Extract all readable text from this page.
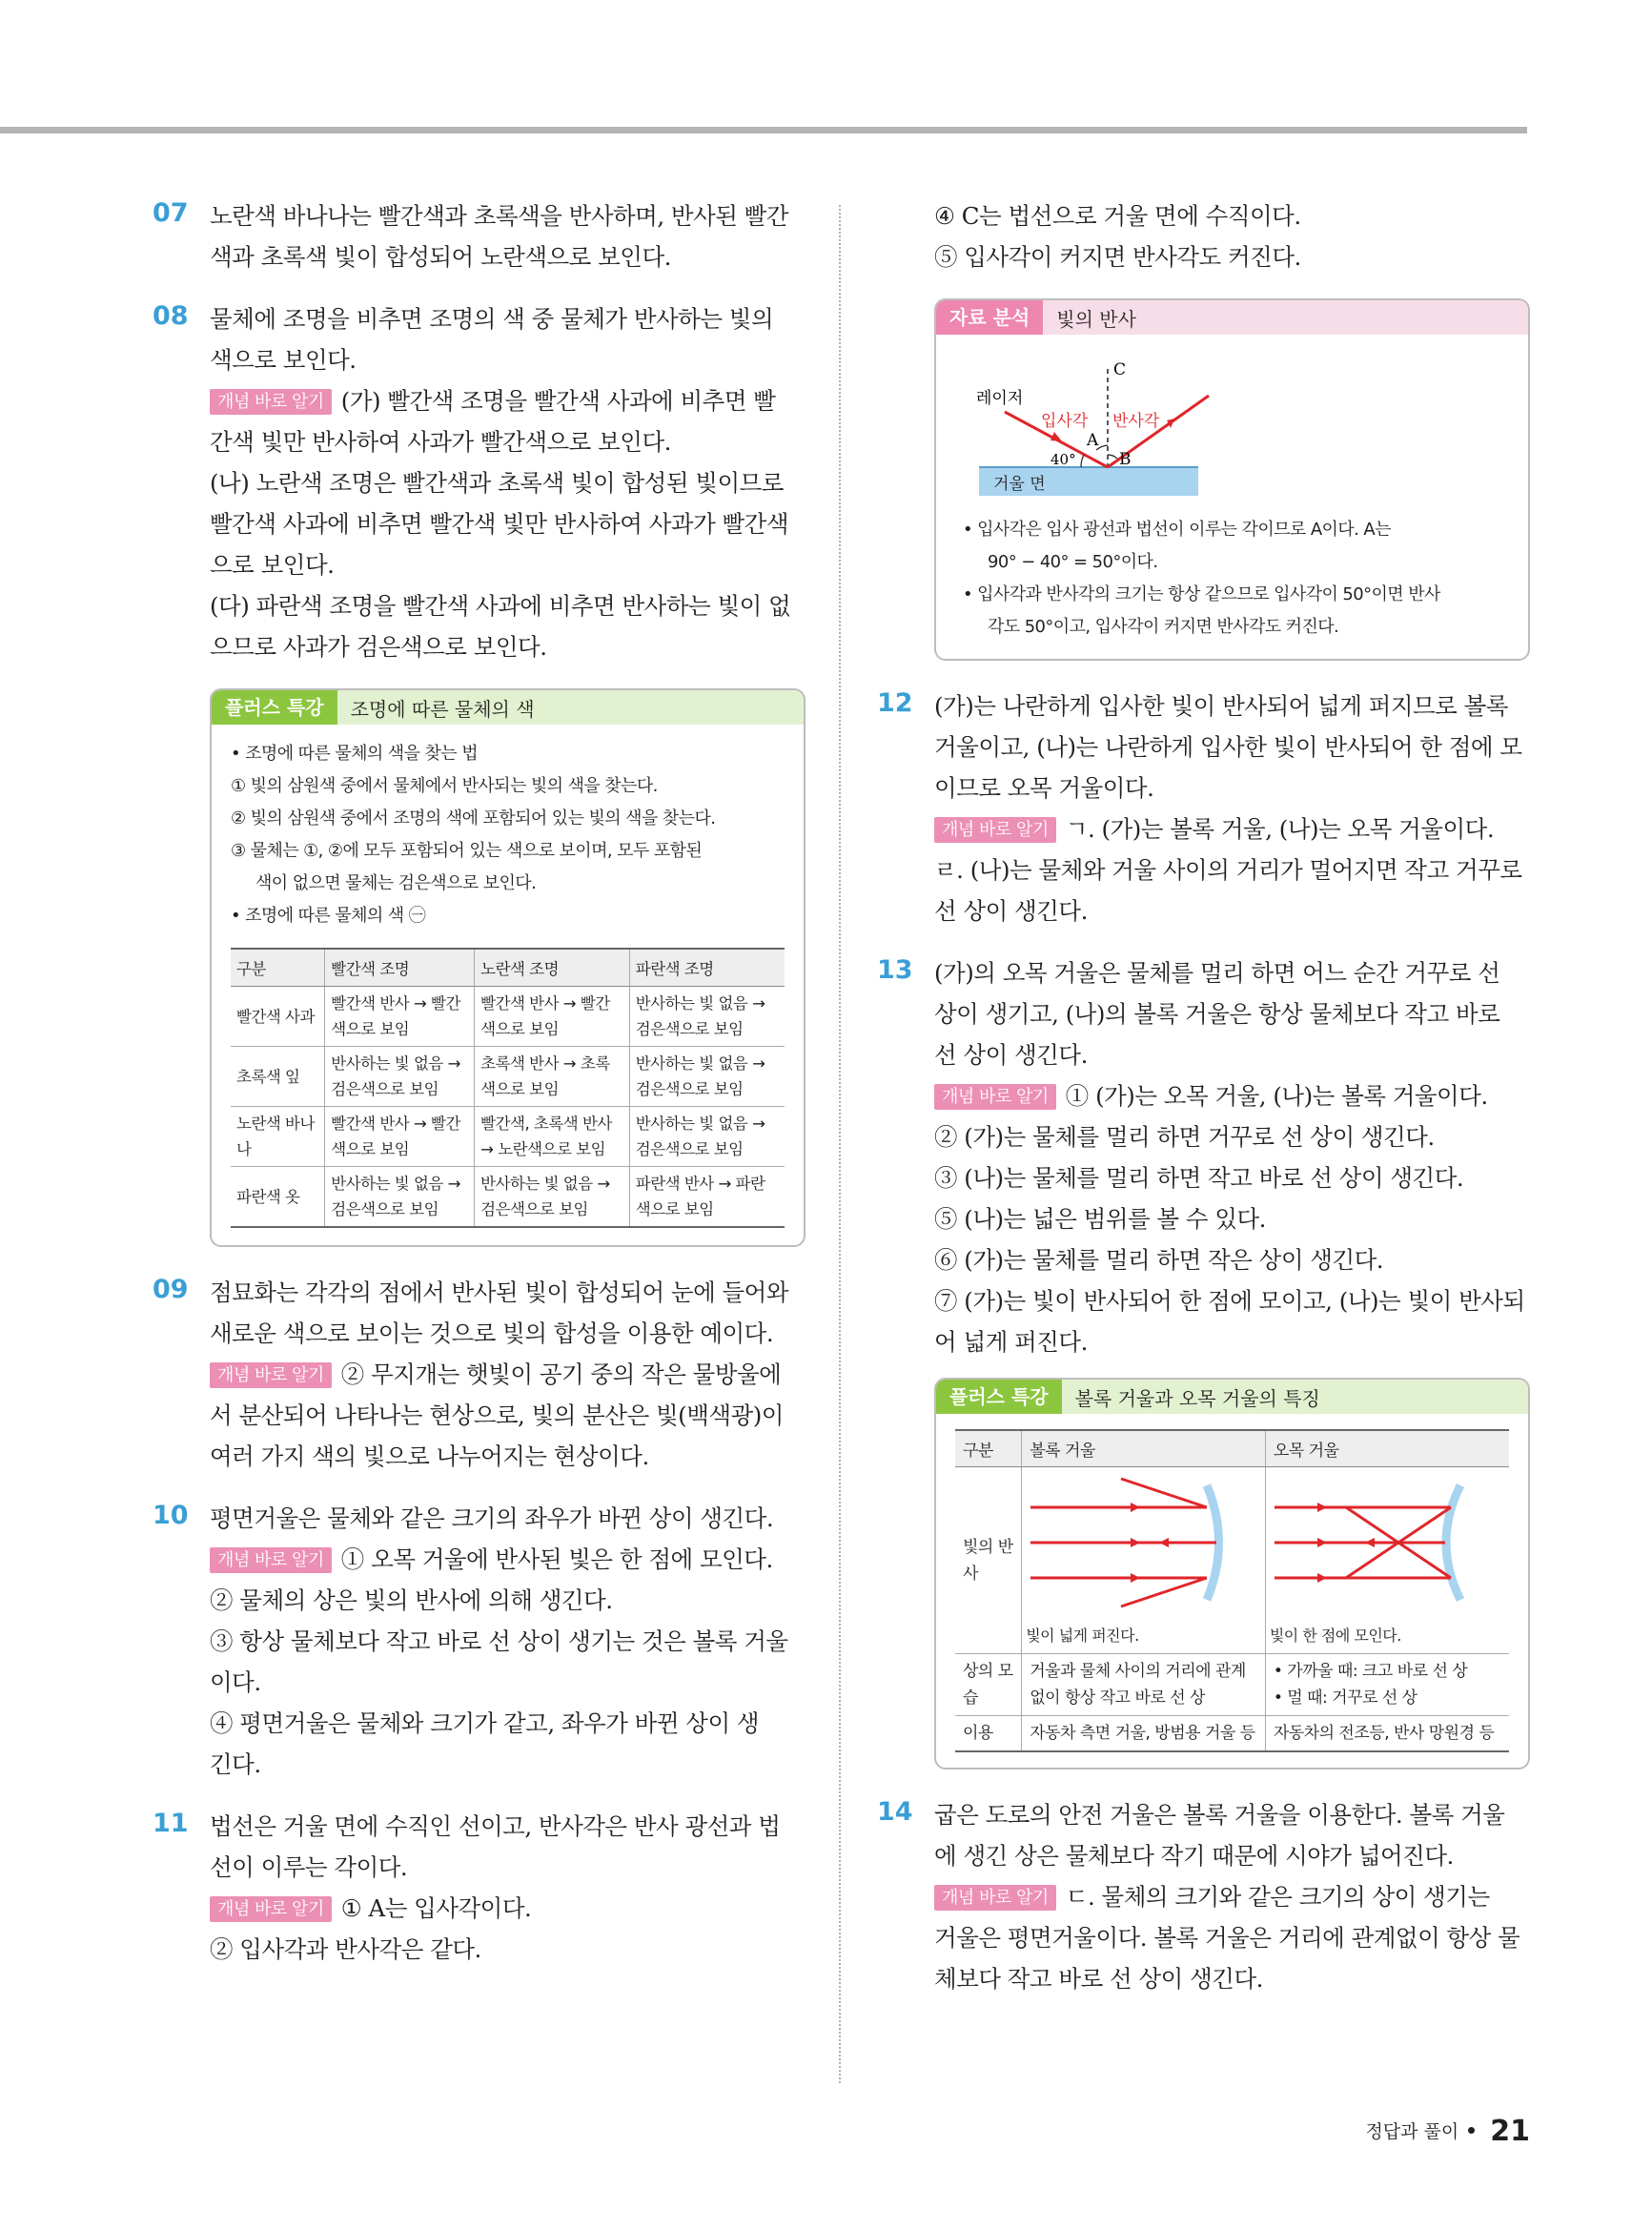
07 노란색 바나나는 빨간색과 초록색을 반사하며, 반사된 빨간

색과 초록색 빛이 합성되어 노란색으로 보인다.

08 물체에 조명을 비추면 조명의 색 중 물체가 반사하는 빛의

색으로 보인다.

개념 바로 알기 (가) 빨간색 조명을 빨간색 사과에 비추면 빨

간색 빛만 반사하여 사과가 빨간색으로 보인다.

(나) 노란색 조명은 빨간색과 초록색 빛이 합성된 빛이므로

빨간색 사과에 비추면 빨간색 빛만 반사하여 사과가 빨간색

으로 보인다.

(다) 파란색 조명을 빨간색 사과에 비추면 반사하는 빛이 없

으므로 사과가 검은색으로 보인다.

플러스 특강	조명에 따른 물체의 색
• 조명에 따른 물체의 색을 찾는 법
① 빛의 삼원색 중에서 물체에서 반사되는 빛의 색을 찾는다.
② 빛의 삼원색 중에서 조명의 색에 포함되어 있는 빛의 색을 찾는다.
③ 물체는 ①, ②에 모두 포함되어 있는 색으로 보이며, 모두 포함된
색이 없으면 물체는 검은색으로 보인다.
• 조명에 따른 물체의 색 ㊀
구분	빨간색 조명	노란색 조명	파란색 조명
빨간색 사과	빨간색 반사 → 빨간색으로 보임	빨간색 반사 → 빨간색으로 보임	반사하는 빛 없음 → 검은색으로 보임
초록색 잎	반사하는 빛 없음 → 검은색으로 보임	초록색 반사 → 초록색으로 보임	반사하는 빛 없음 → 검은색으로 보임
노란색 바나나	빨간색 반사 → 빨간색으로 보임	빨간색, 초록색 반사 → 노란색으로 보임	반사하는 빛 없음 → 검은색으로 보임
파란색 옷	반사하는 빛 없음 → 검은색으로 보임	반사하는 빛 없음 → 검은색으로 보임	파란색 반사 → 파란색으로 보임
09 점묘화는 각각의 점에서 반사된 빛이 합성되어 눈에 들어와

새로운 색으로 보이는 것으로 빛의 합성을 이용한 예이다.

개념 바로 알기 ② 무지개는 햇빛이 공기 중의 작은 물방울에

서 분산되어 나타나는 현상으로, 빛의 분산은 빛(백색광)이

여러 가지 색의 빛으로 나누어지는 현상이다.

10 평면거울은 물체와 같은 크기의 좌우가 바뀐 상이 생긴다.

개념 바로 알기 ① 오목 거울에 반사된 빛은 한 점에 모인다.

② 물체의 상은 빛의 반사에 의해 생긴다.

③ 항상 물체보다 작고 바로 선 상이 생기는 것은 볼록 거울

이다.

④ 평면거울은 물체와 크기가 같고, 좌우가 바뀐 상이 생

긴다.

11 법선은 거울 면에 수직인 선이고, 반사각은 반사 광선과 법

선이 이루는 각이다.

개념 바로 알기 ① A는 입사각이다.

② 입사각과 반사각은 같다.

④ C는 법선으로 거울 면에 수직이다.

⑤ 입사각이 커지면 반사각도 커진다.

자료 분석	빛의 반사
거울 면
C
레이저
입사각 반사각
A
B
40°
• 입사각은 입사 광선과 법선이 이루는 각이므로 A이다. A는
90° − 40° = 50°이다.
• 입사각과 반사각의 크기는 항상 같으므로 입사각이 50°이면 반사
각도 50°이고, 입사각이 커지면 반사각도 커진다.
12 (가)는 나란하게 입사한 빛이 반사되어 넓게 퍼지므로 볼록

거울이고, (나)는 나란하게 입사한 빛이 반사되어 한 점에 모

이므로 오목 거울이다.

개념 바로 알기 ㄱ. (가)는 볼록 거울, (나)는 오목 거울이다.

ㄹ. (나)는 물체와 거울 사이의 거리가 멀어지면 작고 거꾸로

선 상이 생긴다.

13 (가)의 오목 거울은 물체를 멀리 하면 어느 순간 거꾸로 선

상이 생기고, (나)의 볼록 거울은 항상 물체보다 작고 바로

선 상이 생긴다.

개념 바로 알기 ① (가)는 오목 거울, (나)는 볼록 거울이다.

② (가)는 물체를 멀리 하면 거꾸로 선 상이 생긴다.

③ (나)는 물체를 멀리 하면 작고 바로 선 상이 생긴다.

⑤ (나)는 넓은 범위를 볼 수 있다.

⑥ (가)는 물체를 멀리 하면 작은 상이 생긴다.

⑦ (가)는 빛이 반사되어 한 점에 모이고, (나)는 빛이 반사되

어 넓게 퍼진다.

플러스 특강	볼록 거울과 오목 거울의 특징
구분	볼록 거울	오목 거울
빛의 반사	빛이 넓게 퍼진다.	빛이 한 점에 모인다.

상의 모습	거울과 물체 사이의 거리에 관계없이 항상 작고 바로 선 상	• 가까울 때: 크고 바로 선 상
• 멀 때: 거꾸로 선 상

이용	자동차 측면 거울, 방범용 거울 등	자동차의 전조등, 반사 망원경 등
14 굽은 도로의 안전 거울은 볼록 거울을 이용한다. 볼록 거울

에 생긴 상은 물체보다 작기 때문에 시야가 넓어진다.

개념 바로 알기 ㄷ. 물체의 크기와 같은 크기의 상이 생기는

거울은 평면거울이다. 볼록 거울은 거리에 관계없이 항상 물

체보다 작고 바로 선 상이 생긴다.

정답과 풀이 21
